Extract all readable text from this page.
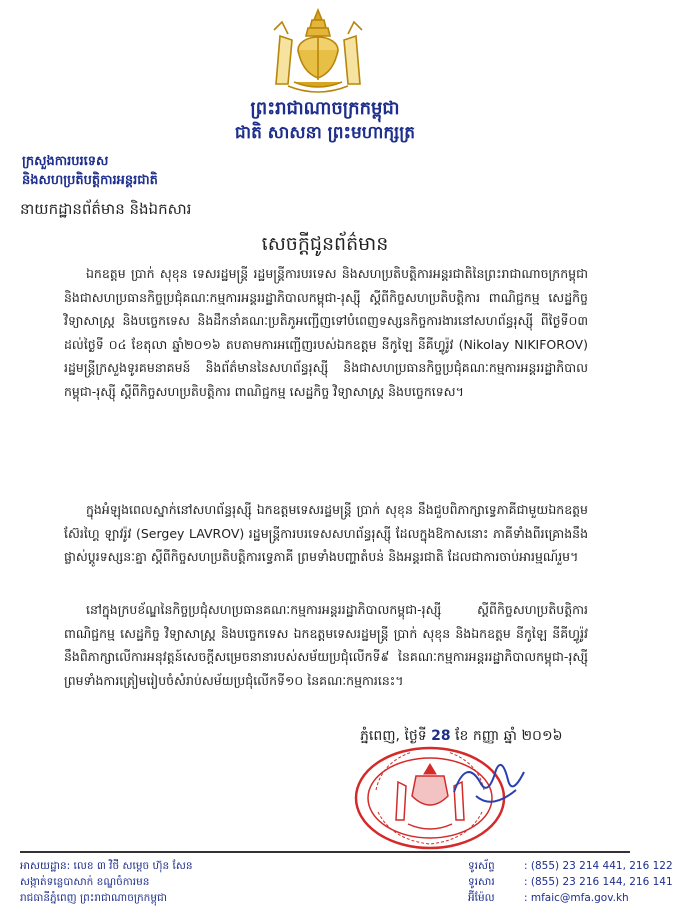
ព្រះរាជាណាចក្រកម្ពុជា
ជាតិ សាសនា ព្រះមហាក្សត្រ
ក្រសួងការបរទេស
និងសហប្រតិបត្តិការអន្តរជាតិ
នាយកដ្ឋានព័ត៌មាន និងឯកសារ
សេចក្ដីជូនព័ត៌មាន

ឯកឧត្តម ប្រាក់ សុខុន ទេសរដ្ឋមន្ត្រី រដ្ឋមន្ត្រីការបរទេស និងសហប្រតិបត្តិការអន្តរជាតិនៃព្រះរាជាណាចក្រកម្ពុជា និងជាសហប្រធានកិច្ចប្រជុំគណៈកម្មការអន្តររដ្ឋាភិបាលកម្ពុជា-រុស្ស៊ី ស្ដីពីកិច្ចសហប្រតិបត្តិការ ពាណិជ្ជកម្ម សេដ្ឋកិច្ច វិទ្យាសាស្ត្រ និងបច្ចេកទេស និងដឹកនាំគណៈប្រតិភូអញ្ជើញទៅបំពេញទស្សនកិច្ចការងារនៅសហព័ន្ធរុស្ស៊ី ពីថ្ងៃទី០៣ ដល់ថ្ងៃទី ០៤ ខែតុលា ឆ្នាំ២០១៦ តបតាមការអញ្ជើញរបស់ឯកឧត្តម នីកូឡៃ នីគីហ្វូរ៉ូវ (Nikolay NIKIFOROV) រដ្ឋមន្ត្រីក្រសួងទូរគមនាគមន៍ និងព័ត៌មាននៃសហព័ន្ធរុស្ស៊ី និងជាសហប្រធានកិច្ចប្រជុំគណៈកម្មការអន្តររដ្ឋាភិបាលកម្ពុជា-រុស្ស៊ី ស្ដីពីកិច្ចសហប្រតិបត្តិការ ពាណិជ្ជកម្ម សេដ្ឋកិច្ច វិទ្យាសាស្ត្រ និងបច្ចេកទេស។

ក្នុងអំឡុងពេលស្នាក់នៅសហព័ន្ធរុស្ស៊ី ឯកឧត្តមទេសរដ្ឋមន្ត្រី ប្រាក់ សុខុន នឹងជួបពិភាក្សាទ្វេភាគីជាមួយឯកឧត្តម ស៊ែរហ្គៃ ឡាវរ៉ូវ (Sergey LAVROV) រដ្ឋមន្ត្រីការបរទេសសហព័ន្ធរុស្ស៊ី ដែលក្នុងឱកាសនោះ ភាគីទាំងពីរគ្រោងនឹងផ្លាស់ប្ដូរទស្សនៈគ្នា ស្ដីពីកិច្ចសហប្រតិបត្តិការទ្វេភាគី ព្រមទាំងបញ្ហាតំបន់ និងអន្តរជាតិ ដែលជាការចាប់អារម្មណ៍រួម។

នៅក្នុងក្របខ័ណ្ឌនៃកិច្ចប្រជុំសហប្រធានគណៈកម្មការអន្តររដ្ឋាភិបាលកម្ពុជា-រុស្ស៊ី ស្ដីពីកិច្ចសហប្រតិបត្តិការ ពាណិជ្ជកម្ម សេដ្ឋកិច្ច វិទ្យាសាស្ត្រ និងបច្ចេកទេស ឯកឧត្តមទេសរដ្ឋមន្ត្រី ប្រាក់ សុខុន និងឯកឧត្តម នីកូឡៃ នីគីហ្វូរ៉ូវ នឹងពិភាក្សាលើការអនុវត្តន៍សេចក្ដីសម្រេចនានារបស់សម័យប្រជុំលើកទី៩ នៃគណៈកម្មការអន្តររដ្ឋាភិបាលកម្ពុជា-រុស្ស៊ី ព្រមទាំងការត្រៀមរៀបចំសំរាប់សម័យប្រជុំលើកទី១០ នៃគណៈកម្មការនេះ។

ភ្នំពេញ, ថ្ងៃទី 28 ខែ កញ្ញា ឆ្នាំ ២០១៦
អាសយដ្ឋាន: លេខ ៣ វិថី សម្ដេច ហ៊ុន សែន
សង្កាត់ទន្លេបាសាក់ ខណ្ឌចំការមន
រាជធានីភ្នំពេញ ព្រះរាជាណាចក្រកម្ពុជា
ទូរស័ព្ទ	: (855) 23 214 441, 216 122
ទូរសារ	: (855) 23 216 144, 216 141
អ៊ីម៉ែល	: mfaic@mfa.gov.kh
